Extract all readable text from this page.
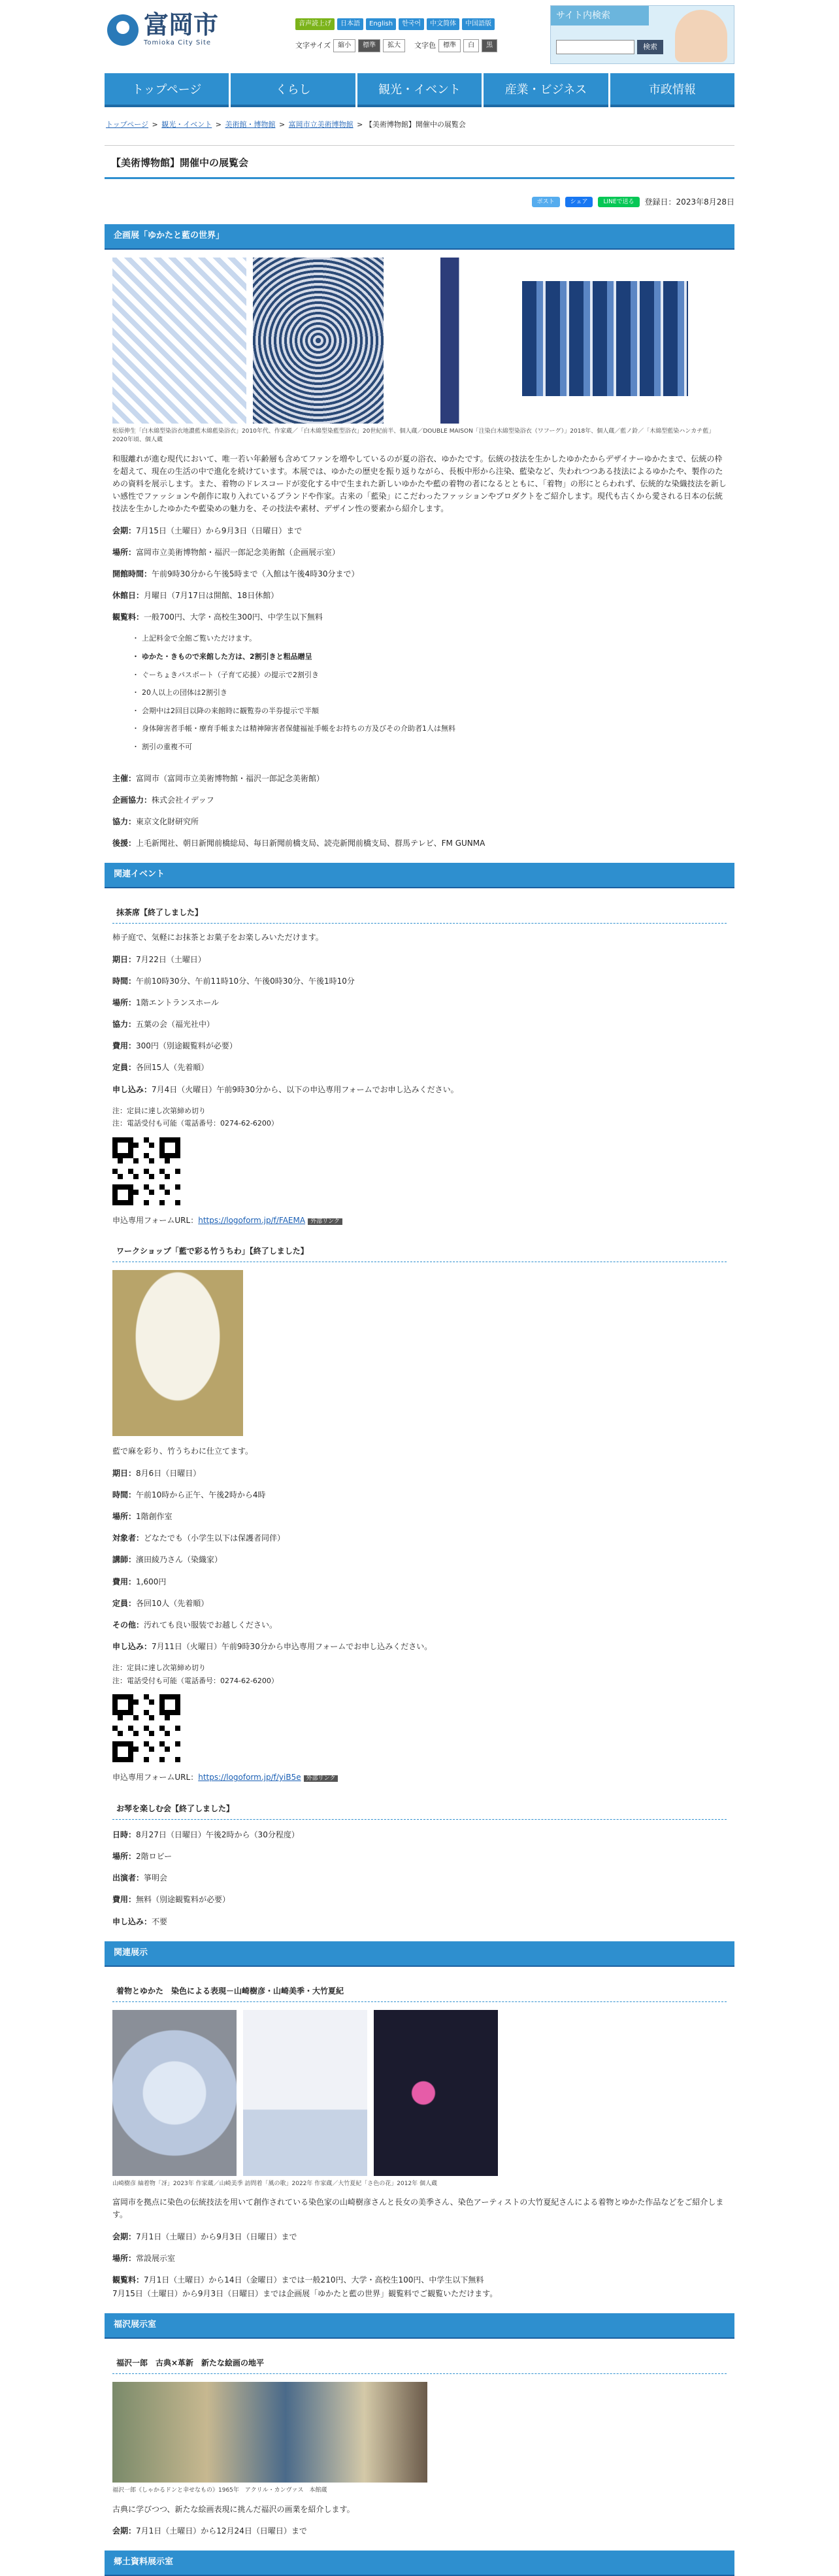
富岡市
Tomioka City Site
音声読上げ	日本語	English	한국어	中文简体	中国語版
文字サイズ	縮小	標準	拡大	文字色	標準	白	黒
サイト内検索
検索
トップページ	くらし	観光・イベント	産業・ビジネス	市政情報
トップページ > 観光・イベント > 美術館・博物館 > 富岡市立美術博物館 > 【美術博物館】開催中の展覧会
【美術博物館】開催中の展覧会
ポスト	シェア	LINEで送る	登録日：2023年8月28日
企画展「ゆかたと藍の世界」
松原伸生「白木綿型染浴衣地濃藍木綿藍染浴衣」2010年代、作家蔵／「白木綿型染藍型浴衣」20世紀前半、個人蔵／DOUBLE MAISON「注染白木綿型染浴衣（ワフーグ）」2018年、個人蔵／藍ノ鈴／「木綿型藍染ハンカチ藍」2020年頃、個人蔵

和服離れが進む現代において、唯一若い年齢層も含めてファンを増やしているのが夏の浴衣、ゆかたです。伝統の技法を生かしたゆかたからデザイナーゆかたまで、伝統の枠を超えて、現在の生活の中で進化を続けています。本展では、ゆかたの歴史を振り返りながら、長板中形から注染、藍染など、失われつつある技法によるゆかたや、製作のための資料を展示します。また、着物のドレスコードが変化する中で生まれた新しいゆかたや藍の着物の者になるとともに、「着物」の形にとらわれず、伝統的な染織技法を新しい感性でファッションや創作に取り入れているブランドや作家。古来の「藍染」にこだわったファッションやプロダクトをご紹介します。現代も古くから愛される日本の伝統技法を生かしたゆかたや藍染めの魅力を、その技法や素材、デザイン性の要素から紹介します。

会期：7月15日（土曜日）から9月3日（日曜日）まで
場所：富岡市立美術博物館・福沢一郎記念美術館（企画展示室）
開館時間：午前9時30分から午後5時まで（入館は午後4時30分まで）
休館日：月曜日（7月17日は開館、18日休館）
観覧料：一般700円、大学・高校生300円、中学生以下無料
・ 上記料金で全館ご覧いただけます。
・ ゆかた・きもので来館した方は、2割引きと粗品贈呈
・ ぐーちょきパスポート（子育て応援）の提示で2割引き
・ 20人以上の団体は2割引き
・ 会期中は2回目以降の来館時に観覧券の半券提示で半額
・ 身体障害者手帳・療育手帳または精神障害者保健福祉手帳をお持ちの方及びその介助者1人は無料
・ 割引の重複不可
主催：富岡市（富岡市立美術博物館・福沢一郎記念美術館）
企画協力：株式会社イデッフ
協力：東京文化財研究所
後援：上毛新聞社、朝日新聞前橋総局、毎日新聞前橋支局、読売新聞前橋支局、群馬テレビ、FM GUNMA
関連イベント
抹茶席【終了しました】

柿子庭で、気軽にお抹茶とお菓子をお楽しみいただけます。

期日：7月22日（土曜日）
時間：午前10時30分、午前11時10分、午後0時30分、午後1時10分
場所：1階エントランスホール
協力：五葉の会（福光社中）
費用：300円（別途観覧料が必要）
定員：各回15人（先着順）
申し込み：7月4日（火曜日）午前9時30分から、以下の申込専用フォームでお申し込みください。
注：定員に達し次第締め切り
注：電話受付も可能（電話番号：0274-62-6200）
申込専用フォームURL：https://logoform.jp/f/FAEMA 外部リンク
ワークショップ「藍で彩る竹うちわ」【終了しました】

藍で麻を彩り、竹うちわに仕立てます。

期日：8月6日（日曜日）
時間：午前10時から正午、午後2時から4時
場所：1階創作室
対象者：どなたでも（小学生以下は保護者同伴）
講師：濱田綾乃さん（染織家）
費用：1,600円
定員：各回10人（先着順）
その他：汚れても良い服装でお越しください。
申し込み：7月11日（火曜日）午前9時30分から申込専用フォームでお申し込みください。
注：定員に達し次第締め切り
注：電話受付も可能（電話番号：0274-62-6200）
申込専用フォームURL：https://logoform.jp/f/yiB5e 外部リンク
お琴を楽しむ会【終了しました】
日時：8月27日（日曜日）午後2時から（30分程度）
場所：2階ロビー
出演者：箏明会
費用：無料（別途観覧料が必要）
申し込み：不要
関連展示
着物とゆかた　染色による表現－山崎樹彦・山崎美季・大竹夏紀
山崎樹彦 紬着物「冴」2023年 作家蔵／山崎美季 訪問着「風の歌」2022年 作家蔵／大竹夏紀「さ色の花」2012年 個人蔵

富岡市を拠点に染色の伝統技法を用いて創作されている染色家の山崎樹彦さんと長女の美季さん、染色アーティストの大竹夏紀さんによる着物とゆかた作品などをご紹介します。

会期：7月1日（土曜日）から9月3日（日曜日）まで
場所：常設展示室
観覧料：7月1日（土曜日）から14日（金曜日）までは一般210円、大学・高校生100円、中学生以下無料
7月15日（土曜日）から9月3日（日曜日）までは企画展「ゆかたと藍の世界」観覧料でご観覧いただけます。
福沢展示室
福沢一郎　古典×革新　新たな絵画の地平
福沢一郎《しゃかるドンと幸せなもの》1965年　アクリル・カンヴァス　本館蔵

古典に学びつつ、新たな絵画表現に挑んだ福沢の画業を紹介します。

会期：7月1日（土曜日）から12月24日（日曜日）まで
郷土資料展示室
